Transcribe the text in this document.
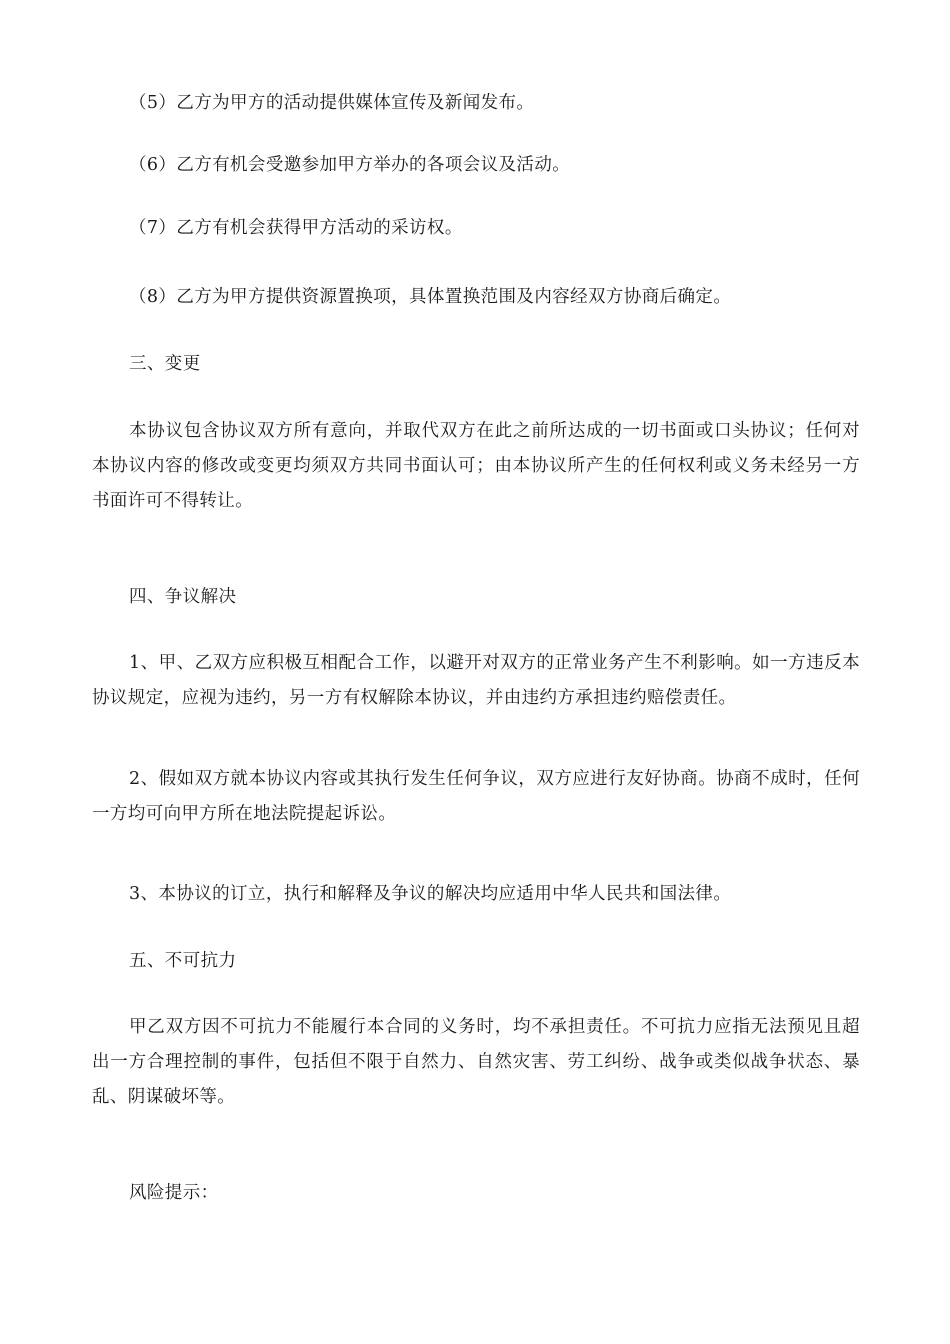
（5）乙方为甲方的活动提供媒体宣传及新闻发布。

（6）乙方有机会受邀参加甲方举办的各项会议及活动。

（7）乙方有机会获得甲方活动的采访权。

（8）乙方为甲方提供资源置换项，具体置换范围及内容经双方协商后确定。

三、变更

本协议包含协议双方所有意向，并取代双方在此之前所达成的一切书面或口头协议；任何对本协议内容的修改或变更均须双方共同书面认可；由本协议所产生的任何权利或义务未经另一方书面许可不得转让。

四、争议解决

1、甲、乙双方应积极互相配合工作，以避开对双方的正常业务产生不利影响。如一方违反本协议规定，应视为违约，另一方有权解除本协议，并由违约方承担违约赔偿责任。

2、假如双方就本协议内容或其执行发生任何争议，双方应进行友好协商。协商不成时，任何一方均可向甲方所在地法院提起诉讼。

3、本协议的订立，执行和解释及争议的解决均应适用中华人民共和国法律。

五、不可抗力

甲乙双方因不可抗力不能履行本合同的义务时，均不承担责任。不可抗力应指无法预见且超出一方合理控制的事件，包括但不限于自然力、自然灾害、劳工纠纷、战争或类似战争状态、暴乱、阴谋破坏等。

风险提示：
